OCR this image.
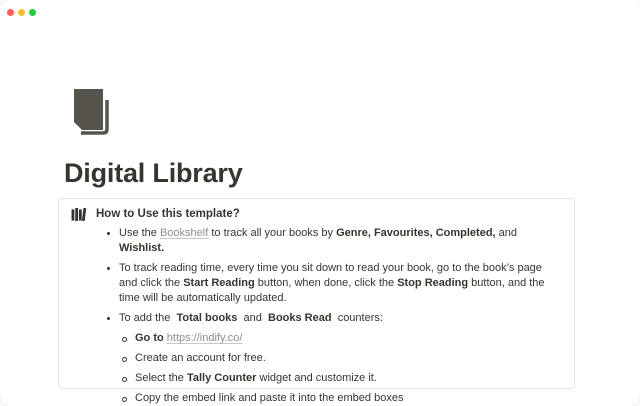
Digital Library
How to Use this template?
Use the Bookshelf to track all your books by Genre, Favourites, Completed, and Wishlist.
To track reading time, every time you sit down to read your book, go to the book’s page and click the Start Reading button, when done, click the Stop Reading button, and the time will be automatically updated.
To add the  Total books  and  Books Read  counters:
Go to https://indify.co/
Create an account for free.
Select the Tally Counter widget and customize it.
Copy the embed link and paste it into the embed boxes
